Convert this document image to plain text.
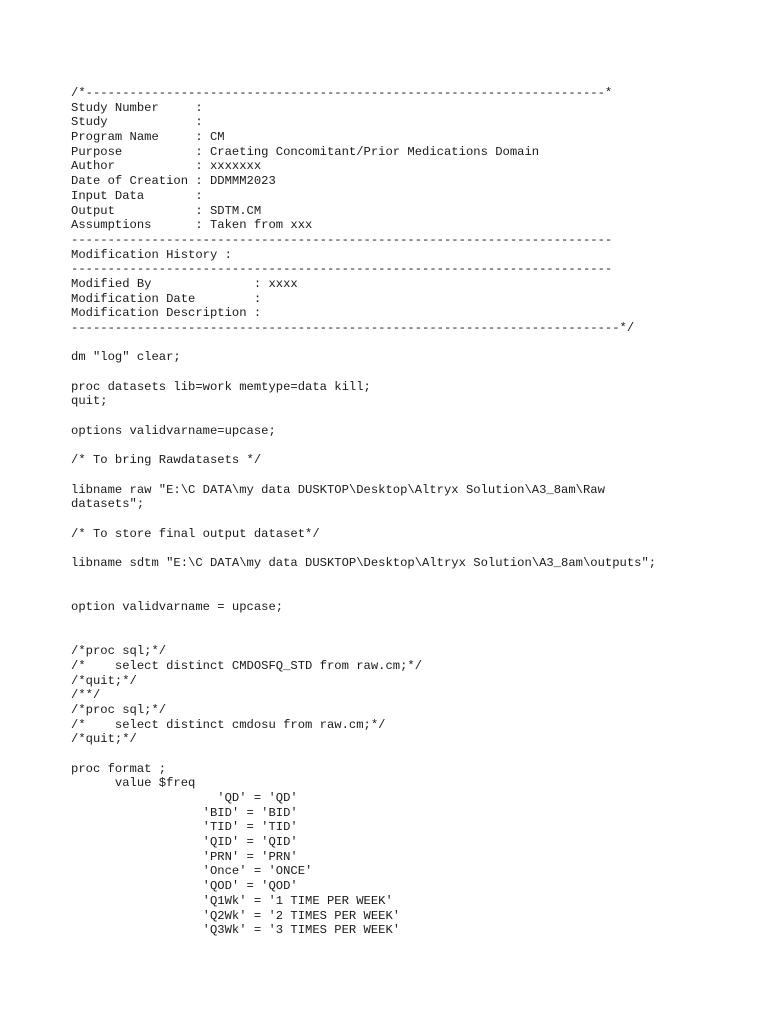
/*-----------------------------------------------------------------------*
Study Number     :
Study            :
Program Name     : CM
Purpose          : Craeting Concomitant/Prior Medications Domain
Author           : xxxxxxx
Date of Creation : DDMMM2023
Input Data       :
Output           : SDTM.CM
Assumptions      : Taken from xxx
--------------------------------------------------------------------------
Modification History :
--------------------------------------------------------------------------
Modified By              : xxxx
Modification Date        :
Modification Description :
---------------------------------------------------------------------------*/

dm "log" clear;

proc datasets lib=work memtype=data kill;
quit;

options validvarname=upcase;

/* To bring Rawdatasets */

libname raw "E:\C DATA\my data DUSKTOP\Desktop\Altryx Solution\A3_8am\Raw
datasets";

/* To store final output dataset*/

libname sdtm "E:\C DATA\my data DUSKTOP\Desktop\Altryx Solution\A3_8am\outputs";

option validvarname = upcase;

/*proc sql;*/
/*    select distinct CMDOSFQ_STD from raw.cm;*/
/*quit;*/
/**/
/*proc sql;*/
/*    select distinct cmdosu from raw.cm;*/
/*quit;*/

proc format ;
value $freq
'QD' = 'QD'
'BID' = 'BID'
'TID' = 'TID'
'QID' = 'QID'
'PRN' = 'PRN'
'Once' = 'ONCE'
'QOD' = 'QOD'
'Q1Wk' = '1 TIME PER WEEK'
'Q2Wk' = '2 TIMES PER WEEK'
'Q3Wk' = '3 TIMES PER WEEK'
